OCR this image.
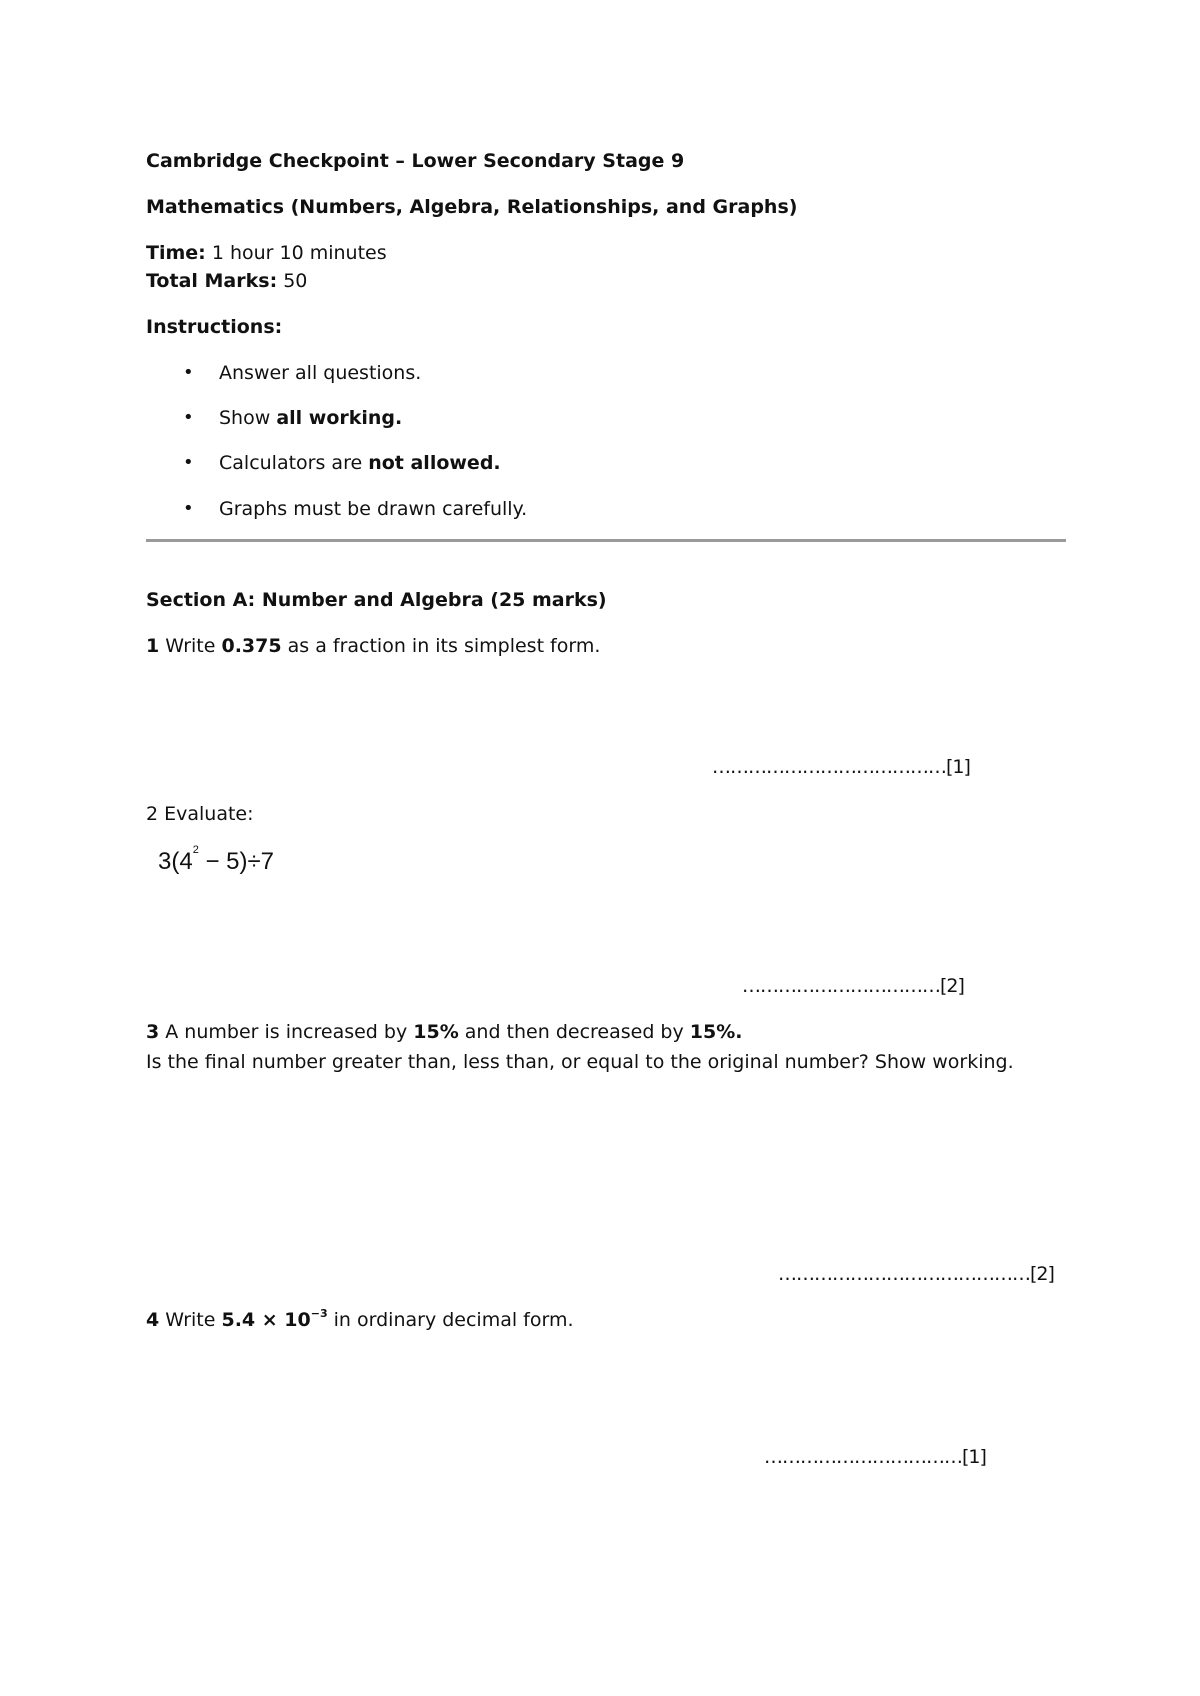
Cambridge Checkpoint – Lower Secondary Stage 9
Mathematics (Numbers, Algebra, Relationships, and Graphs)
Time: 1 hour 10 minutes
Total Marks: 50
Instructions:
• Answer all questions.
• Show all working.
• Calculators are not allowed.
• Graphs must be drawn carefully.
Section A: Number and Algebra (25 marks)
1 Write 0.375 as a fraction in its simplest form.
…………………………………[1]
2 Evaluate:
$3(4^2 - 5)\div 7$
……………………………[2]
3 A number is increased by 15% and then decreased by 15%.
Is the final number greater than, less than, or equal to the original number? Show working.
……………………………………[2]
4 Write $5.4 \times 10^{-3}$ in ordinary decimal form.
……………………………[1]
